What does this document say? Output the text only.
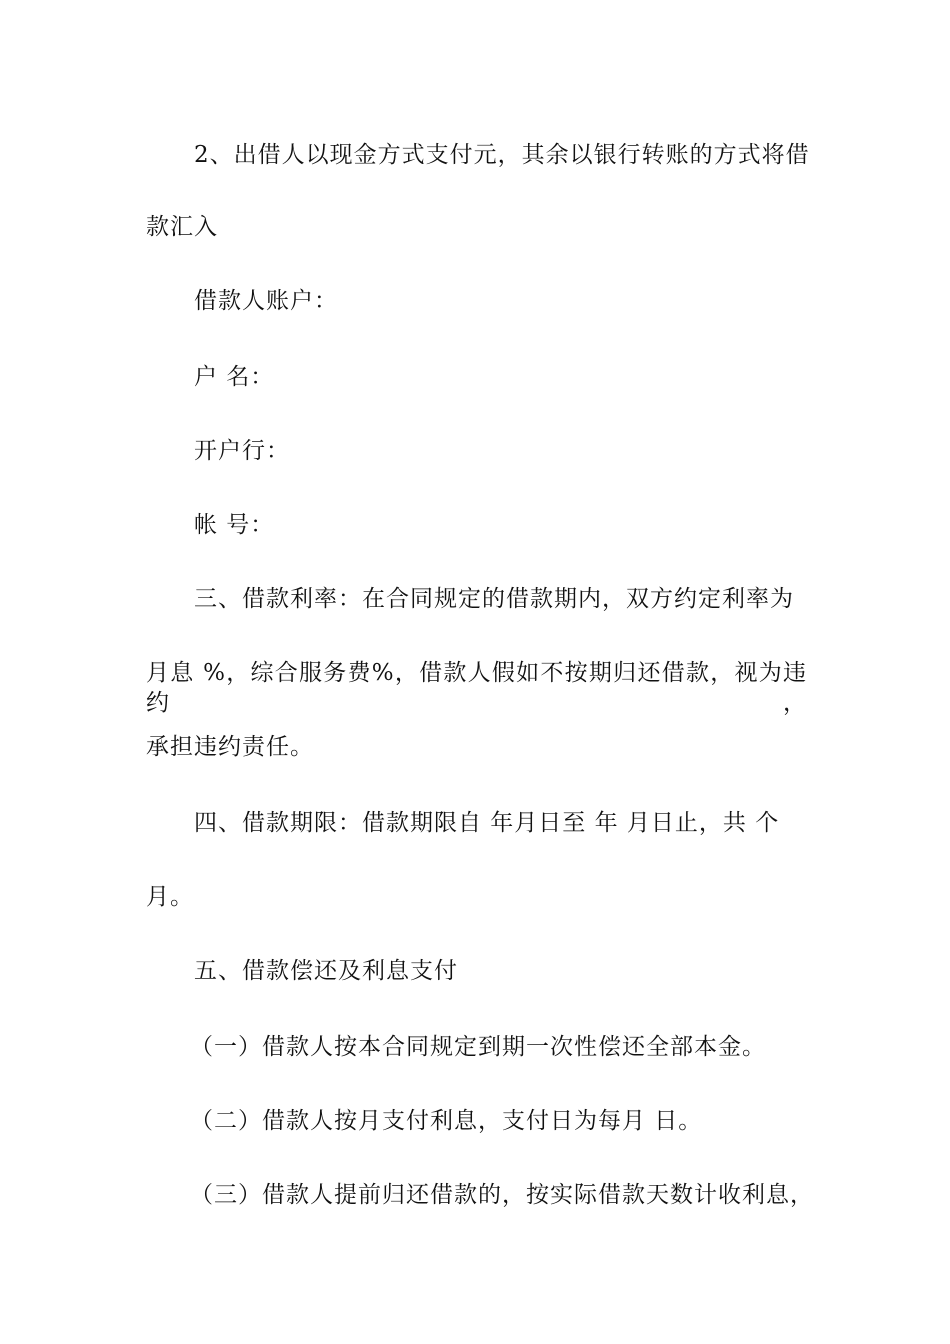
2、出借人以现金方式支付元，其余以银行转账的方式将借
款汇入
借款人账户：
户 名：
开户行：
帐 号：
三、借款利率：在合同规定的借款期内，双方约定利率为
月息 %，综合服务费%，借款人假如不按期归还借款，视为违约，
承担违约责任。
四、借款期限：借款期限自 年月日至 年 月日止，共 个
月。
五、借款偿还及利息支付
（一）借款人按本合同规定到期一次性偿还全部本金。
（二）借款人按月支付利息，支付日为每月 日。
（三）借款人提前归还借款的，按实际借款天数计收利息，
